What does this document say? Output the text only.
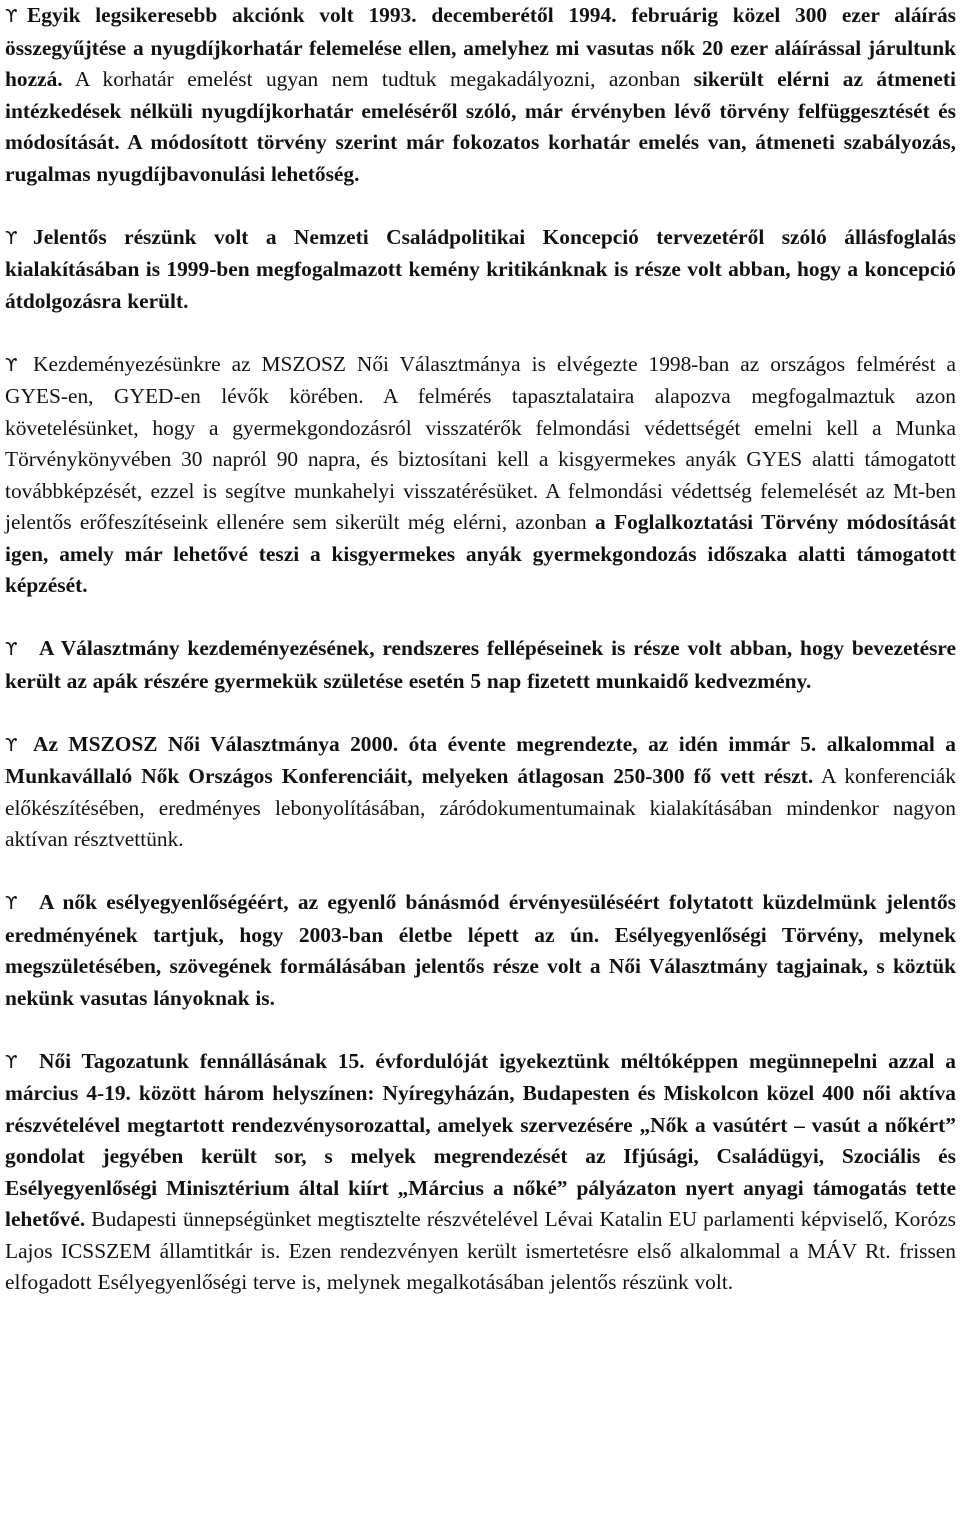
ϒ Egyik legsikeresebb akciónk volt 1993. decemberétől 1994. februárig közel 300 ezer aláírás összegyűjtése a nyugdíjkorhatár felemelése ellen, amelyhez mi vasutas nők 20 ezer aláírással járultunk hozzá. A korhatár emelést ugyan nem tudtuk megakadályozni, azonban sikerült elérni az átmeneti intézkedések nélküli nyugdíjkorhatár emeléséről szóló, már érvényben lévő törvény felfüggesztését és módosítását. A módosított törvény szerint már fokozatos korhatár emelés van, átmeneti szabályozás, rugalmas nyugdíjbavonulási lehetőség.

ϒ Jelentős részünk volt a Nemzeti Családpolitikai Koncepció tervezetéről szóló állásfoglalás kialakításában is 1999-ben megfogalmazott kemény kritikánknak is része volt abban, hogy a koncepció átdolgozásra került.

ϒ Kezdeményezésünkre az MSZOSZ Női Választmánya is elvégezte 1998-ban az országos felmérést a GYES-en, GYED-en lévők körében. A felmérés tapasztalataira alapozva megfogalmaztuk azon követelésünket, hogy a gyermekgondozásról visszatérők felmondási védettségét emelni kell a Munka Törvénykönyvében 30 napról 90 napra, és biztosítani kell a kisgyermekes anyák GYES alatti támogatott továbbképzését, ezzel is segítve munkahelyi visszatérésüket. A felmondási védettség felemelését az Mt-ben jelentős erőfeszítéseink ellenére sem sikerült még elérni, azonban a Foglalkoztatási Törvény módosítását igen, amely már lehetővé teszi a kisgyermekes anyák gyermekgondozás időszaka alatti támogatott képzését.

ϒ A Választmány kezdeményezésének, rendszeres fellépéseinek is része volt abban, hogy bevezetésre került az apák részére gyermekük születése esetén 5 nap fizetett munkaidő kedvezmény.

ϒ Az MSZOSZ Női Választmánya 2000. óta évente megrendezte, az idén immár 5. alkalommal a Munkavállaló Nők Országos Konferenciáit, melyeken átlagosan 250-300 fő vett részt. A konferenciák előkészítésében, eredményes lebonyolításában, záródokumentumainak kialakításában mindenkor nagyon aktívan résztvettünk.

ϒ A nők esélyegyenlőségéért, az egyenlő bánásmód érvényesüléséért folytatott küzdelmünk jelentős eredményének tartjuk, hogy 2003-ban életbe lépett az ún. Esélyegyenlőségi Törvény, melynek megszületésében, szövegének formálásában jelentős része volt a Női Választmány tagjainak, s köztük nekünk vasutas lányoknak is.

ϒ Női Tagozatunk fennállásának 15. évfordulóját igyekeztünk méltóképpen megünnepelni azzal a március 4-19. között három helyszínen: Nyíregyházán, Budapesten és Miskolcon közel 400 női aktíva részvételével megtartott rendezvénysorozattal, amelyek szervezésére „Nők a vasútért – vasút a nőkért” gondolat jegyében került sor, s melyek megrendezését az Ifjúsági, Családügyi, Szociális és Esélyegyenlőségi Minisztérium által kiírt „Március a nőké” pályázaton nyert anyagi támogatás tette lehetővé. Budapesti ünnepségünket megtisztelte részvételével Lévai Katalin EU parlamenti képviselő, Korózs Lajos ICSSZEM államtitkár is. Ezen rendezvényen került ismertetésre első alkalommal a MÁV Rt. frissen elfogadott Esélyegyenlőségi terve is, melynek megalkotásában jelentős részünk volt.
